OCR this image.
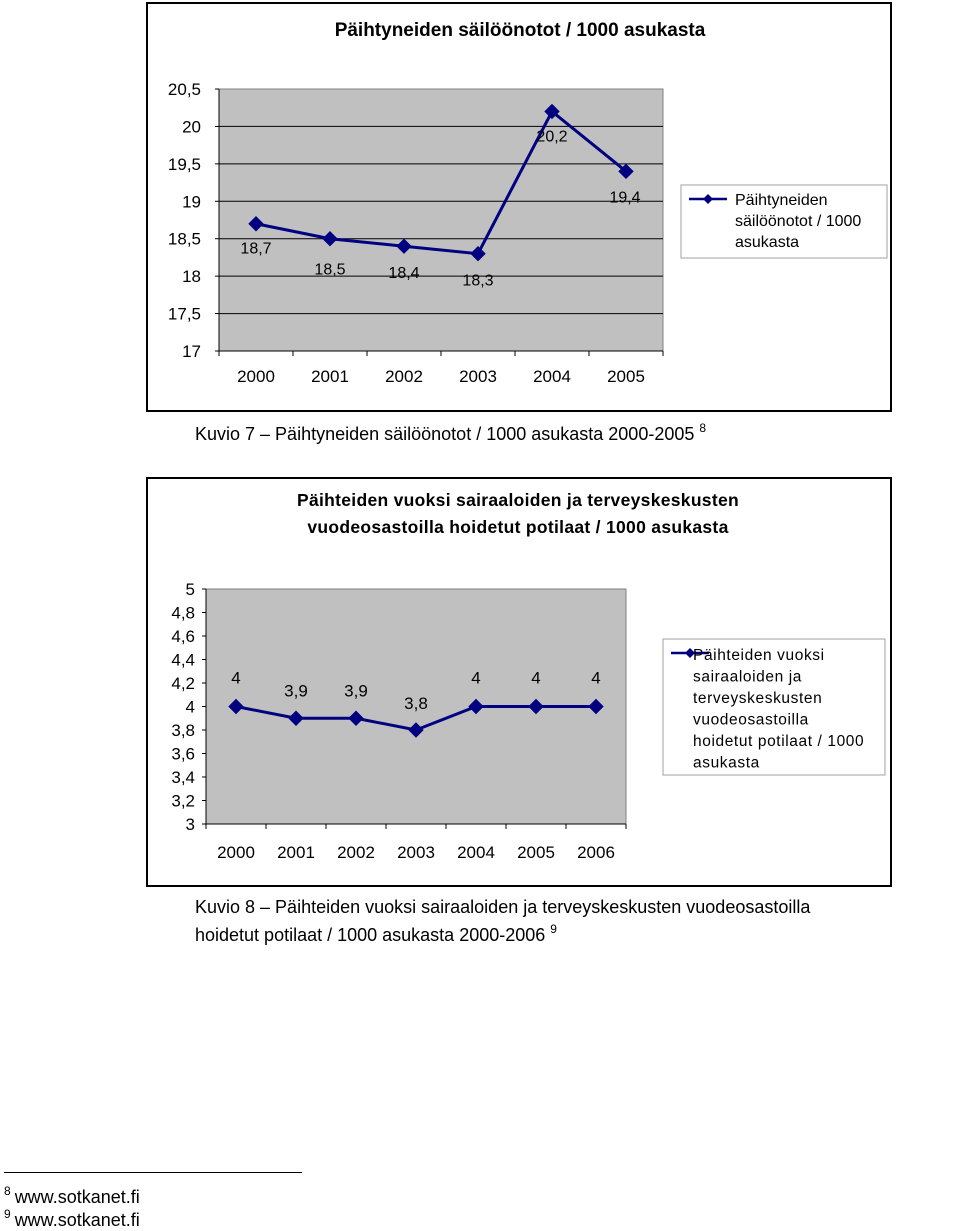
Päihtyneiden säilöönotot / 1000 asukasta
17
17,5
18
18,5
19
19,5
20
20,5
2000 2001 2002 2003 2004 2005
18,7
18,5	18,4	18,3
20,2
19,4	Päihtyneiden
säilöönotot / 1000
asukasta
Kuvio 7 – Päihtyneiden säilöönotot / 1000 asukasta 2000-2005 $^8$
Päihteiden vuoksi sairaaloiden ja terveyskeskusten
vuodeosastoilla hoidetut potilaat / 1000 asukasta
3
3,2
3,4
3,6
3,8
4
4,2
4,4
4,6
4,8
5
2000 2001 2002 2003 2004 2005 2006
4
3,9 3,9
3,8
4	4	4
Päihteiden vuoksi
sairaaloiden ja
terveyskeskusten
vuodeosastoilla
hoidetut potilaat / 1000
asukasta
Kuvio 8 – Päihteiden vuoksi sairaaloiden ja terveyskeskusten vuodeosastoilla
hoidetut potilaat / 1000 asukasta 2000-2006 $^9$
$^8$ www.sotkanet.fi
$^9$ www.sotkanet.fi
